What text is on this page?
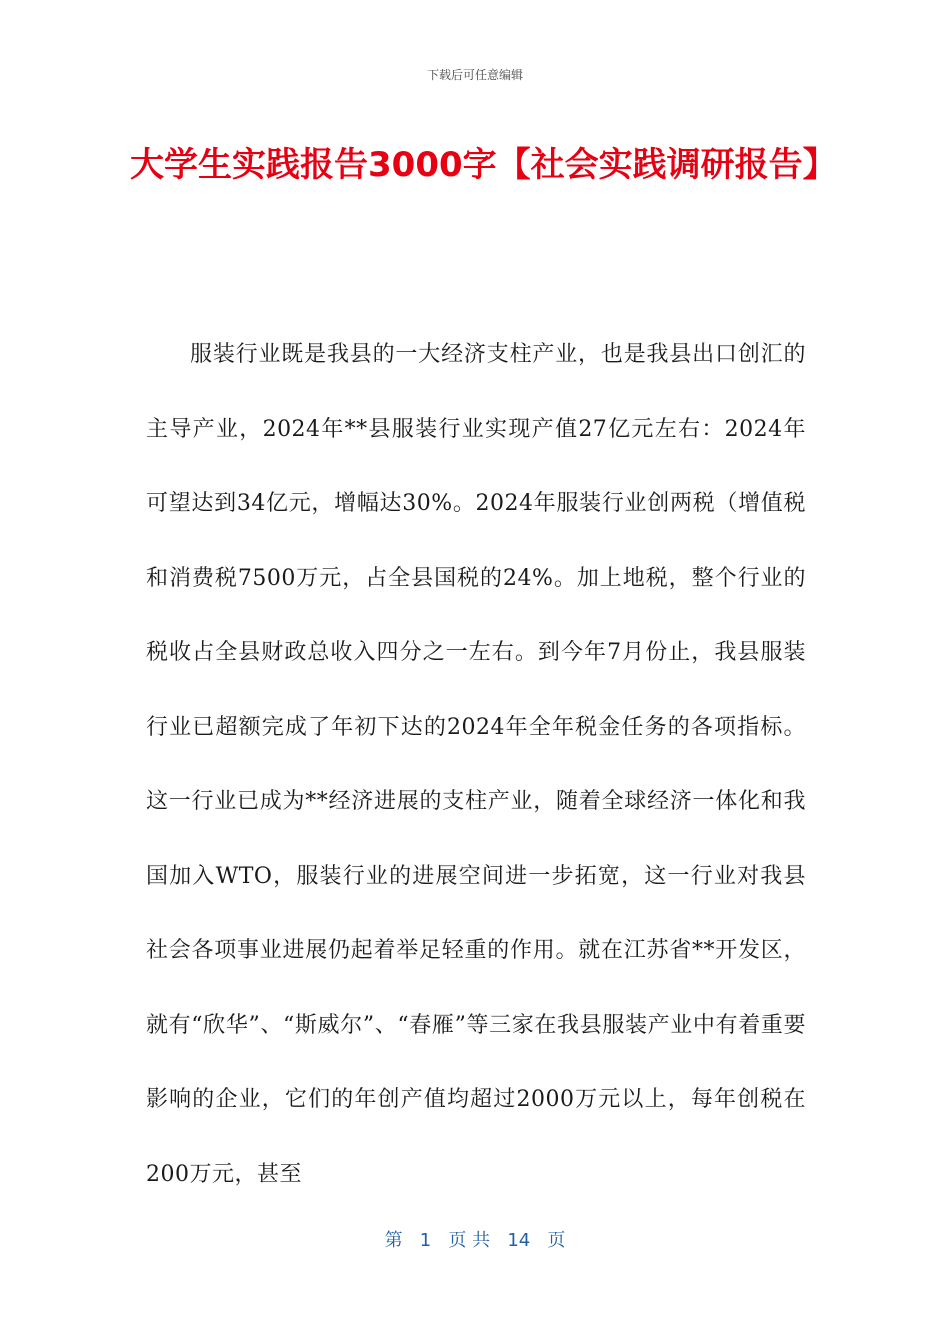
下载后可任意编辑
大学生实践报告3000字【社会实践调研报告】

服装行业既是我县的一大经济支柱产业，也是我县出口创汇的主导产业，2024年**县服装行业实现产值27亿元左右：2024年可望达到34亿元，增幅达30%。2024年服装行业创两税（增值税和消费税7500万元，占全县国税的24%。加上地税，整个行业的税收占全县财政总收入四分之一左右。到今年7月份止，我县服装行业已超额完成了年初下达的2024年全年税金任务的各项指标。这一行业已成为**经济进展的支柱产业，随着全球经济一体化和我国加入WTO，服装行业的进展空间进一步拓宽，这一行业对我县社会各项事业进展仍起着举足轻重的作用。就在江苏省**开发区，就有“欣华”、“斯威尔”、“春雁”等三家在我县服装产业中有着重要影响的企业，它们的年创产值均超过2000万元以上，每年创税在200万元，甚至

第 1 页 共 14 页
